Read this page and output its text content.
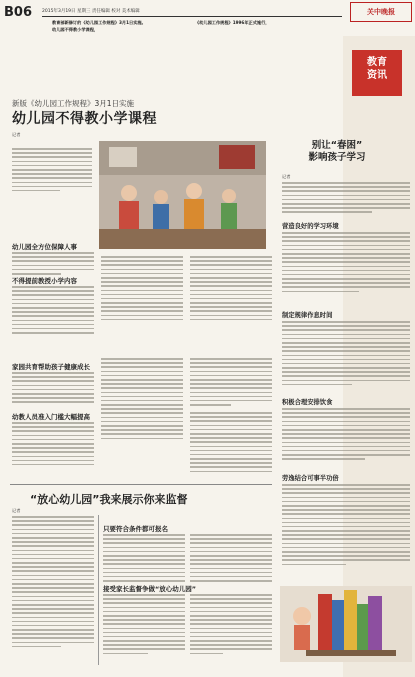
B06 2015年3月19日 星期三 责任编辑 校对 美术编辑	关中晚报
教育部新修订的《幼儿园工作规程》3月1日实施。
幼儿园不得教小学课程，
《幼儿园工作规程》1996年正式施行，
教育
资讯
别让“春困”
影响孩子学习
记者
营造良好的学习环境
制定规律作息时间
积极合理安排饮食
劳逸结合可事半功倍
新版《幼儿园工作规程》3月1日实施
幼儿园不得教小学课程
记者
幼儿园全方位保障人事
不得提前教授小学内容
家园共育帮助孩子健康成长
幼教人员准入门槛大幅提高
“放心幼儿园”我来展示你来监督
记者
只要符合条件都可报名
接受家长监督争做“放心幼儿园”
